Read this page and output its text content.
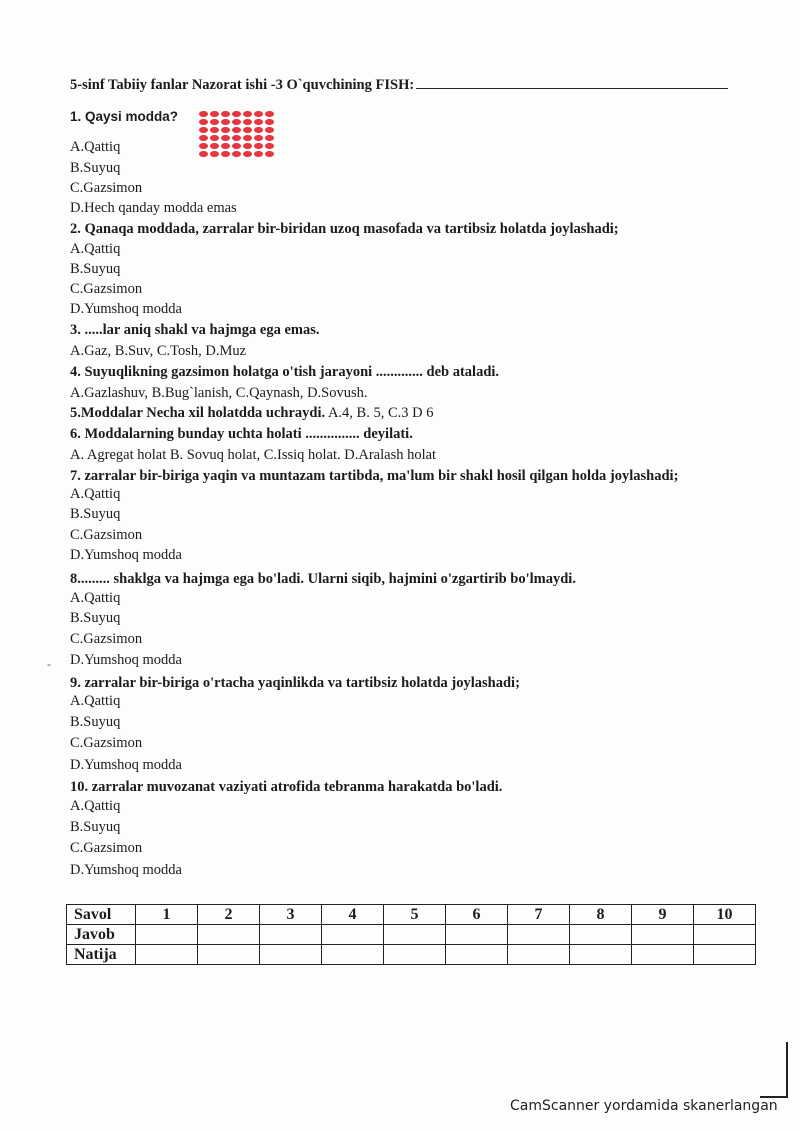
5-sinf Tabiiy fanlar Nazorat ishi -3 O`quvchining FISH:
1. Qaysi modda?
A.Qattiq
B.Suyuq
C.Gazsimon
D.Hech qanday modda emas
2. Qanaqa moddada, zarralar bir-biridan uzoq masofada va tartibsiz holatda joylashadi;
A.Qattiq
B.Suyuq
C.Gazsimon
D.Yumshoq modda
3. .....lar aniq shakl va hajmga ega emas.
A.Gaz, B.Suv, C.Tosh, D.Muz
4. Suyuqlikning gazsimon holatga o'tish jarayoni ............. deb ataladi.
A.Gazlashuv, B.Bug`lanish, C.Qaynash, D.Sovush.
5.Moddalar Necha xil holatdda uchraydi. A.4, B. 5, C.3 D 6
6. Moddalarning bunday uchta holati ............... deyilati.
A. Agregat holat B. Sovuq holat, C.Issiq holat. D.Aralash holat
7. zarralar bir-biriga yaqin va muntazam tartibda, ma'lum bir shakl hosil qilgan holda joylashadi;
A.Qattiq
B.Suyuq
C.Gazsimon
D.Yumshoq modda
8......... shaklga va hajmga ega bo'ladi. Ularni siqib, hajmini o'zgartirib bo'lmaydi.
A.Qattiq
B.Suyuq
C.Gazsimon
D.Yumshoq modda
-
9. zarralar bir-biriga o'rtacha yaqinlikda va tartibsiz holatda joylashadi;
A.Qattiq
B.Suyuq
C.Gazsimon
D.Yumshoq modda
10. zarralar muvozanat vaziyati atrofida tebranma harakatda bo'ladi.
A.Qattiq
B.Suyuq
C.Gazsimon
D.Yumshoq modda
Savol	1	2	3	4	5	6	7	8	9	10
Javob										
Natija										
CamScanner yordamida skanerlangan
